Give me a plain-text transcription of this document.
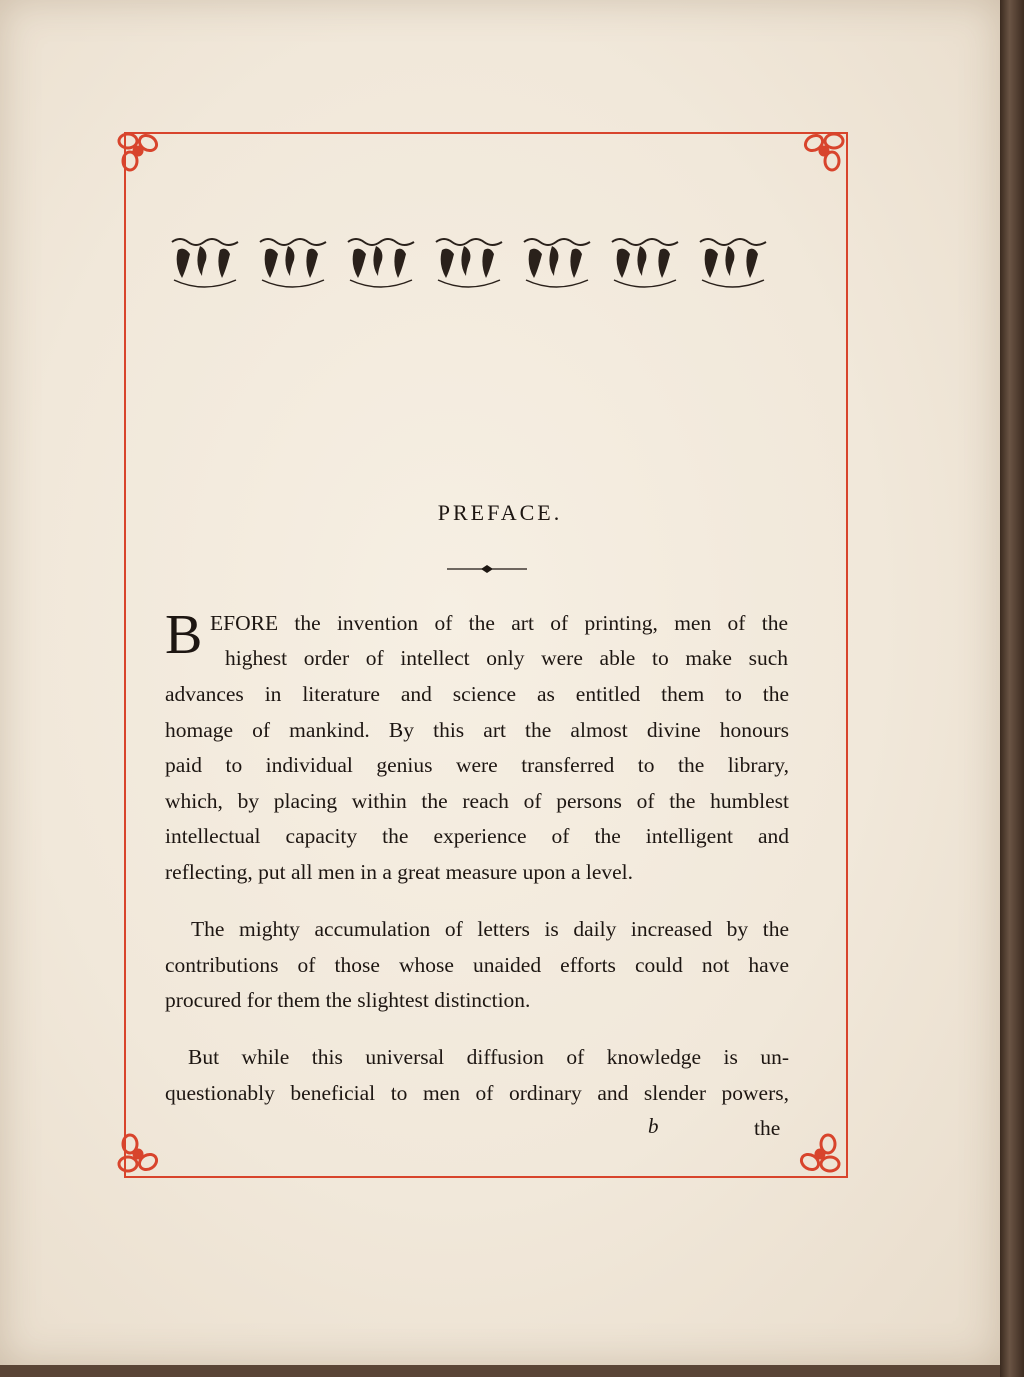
PREFACE.
B EFORE the invention of the art of printing, men of the
highest order of intellect only were able to make such
advances in literature and science as entitled them to the
homage of mankind. By this art the almost divine honours
paid to individual genius were transferred to the library,
which, by placing within the reach of persons of the humblest
intellectual capacity the experience of the intelligent and
reflecting, put all men in a great measure upon a level.
The mighty accumulation of letters is daily increased by the
contributions of those whose unaided efforts could not have
procured for them the slightest distinction.
But while this universal diffusion of knowledge is un-
questionably beneficial to men of ordinary and slender powers,
b	the
